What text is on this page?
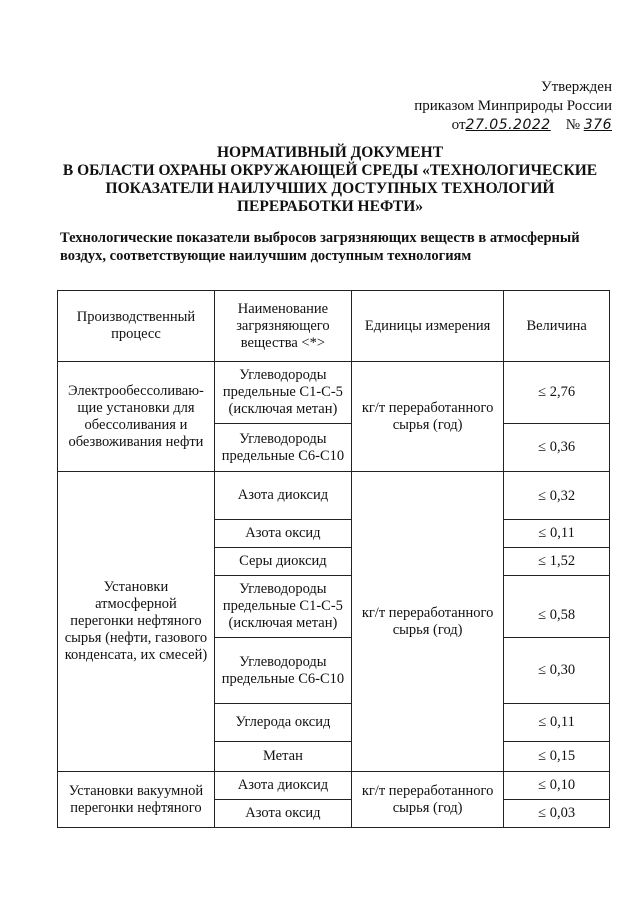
Утвержден
приказом Минприроды России
от27.05.2022 № 376
НОРМАТИВНЫЙ ДОКУМЕНТ
В ОБЛАСТИ ОХРАНЫ ОКРУЖАЮЩЕЙ СРЕДЫ «ТЕХНОЛОГИЧЕСКИЕ
ПОКАЗАТЕЛИ НАИЛУЧШИХ ДОСТУПНЫХ ТЕХНОЛОГИЙ
ПЕРЕРАБОТКИ НЕФТИ»
Технологические показатели выбросов загрязняющих веществ в атмосферный воздух, соответствующие наилучшим доступным технологиям
Производственный процесс	Наименование загрязняющего вещества <*>	Единицы измерения	Величина
Электрообессоливаю-щие установки для обессоливания и обезвоживания нефти	Углеводороды предельные С1-С-5 (исключая метан)	кг/т переработанного сырья (год)	≤ 2,76
	Углеводороды предельные С6-С10		≤ 0,36
Установки атмосферной перегонки нефтяного сырья (нефти, газового конденсата, их смесей)	Азота диоксид	кг/т переработанного сырья (год)	≤ 0,32
	Азота оксид		≤ 0,11
	Серы диоксид		≤ 1,52
	Углеводороды предельные С1-С-5 (исключая метан)		≤ 0,58
	Углеводороды предельные С6-С10		≤ 0,30
	Углерода оксид		≤ 0,11
	Метан		≤ 0,15
Установки вакуумной перегонки нефтяного	Азота диоксид	кг/т переработанного сырья (год)	≤ 0,10
	Азота оксид		≤ 0,03
